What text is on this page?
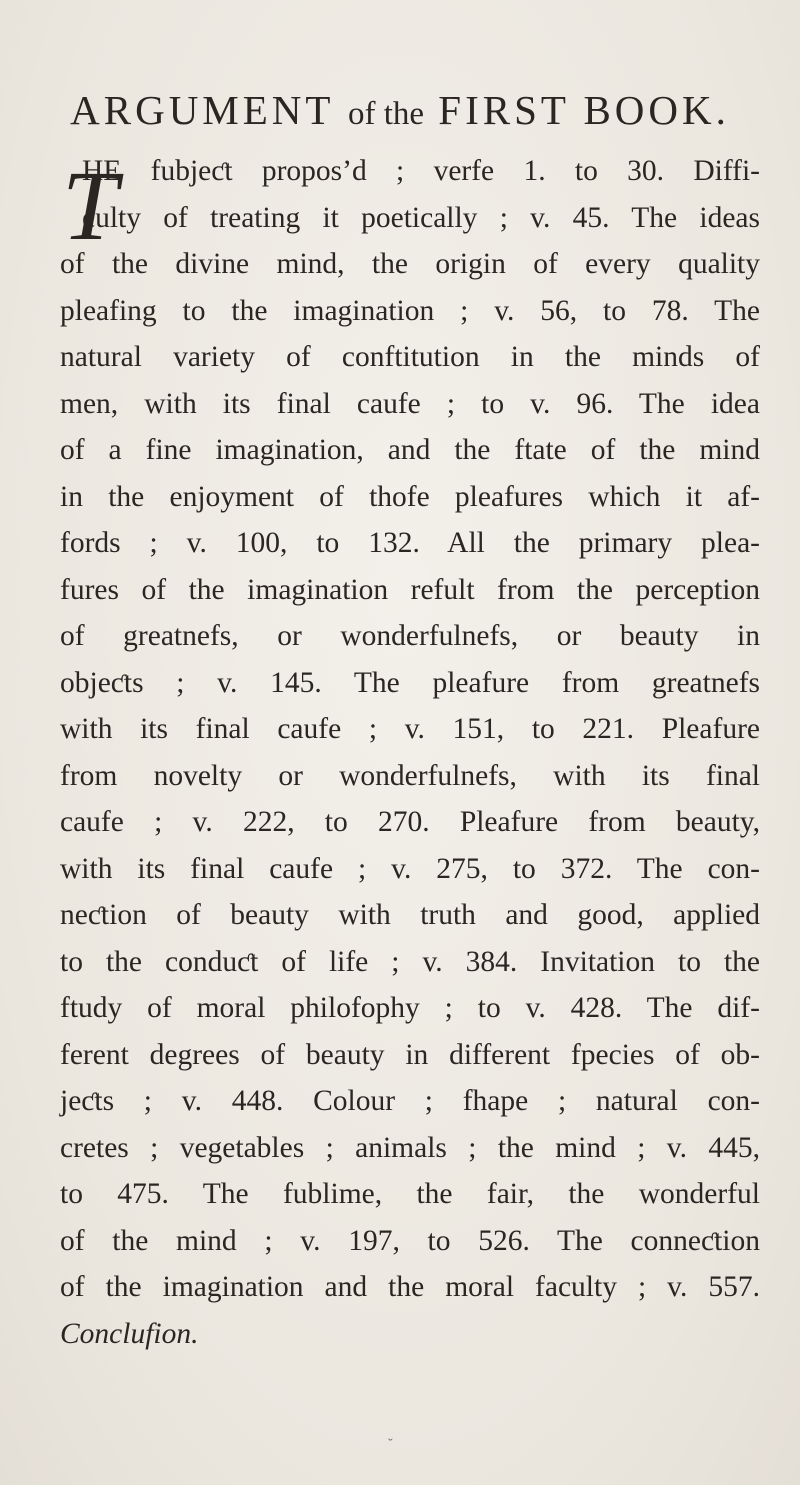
ARGUMENT of the FIRST BOOK.
T
HE fubjeƈt propos’d ; verfe 1. to 30. Diffi-
culty of treating it poetically ; v. 45. The ideas
of the divine mind, the origin of every quality
pleafing to the imagination ; v. 56, to 78. The
natural variety of conftitution in the minds of
men, with its final caufe ; to v. 96. The idea
of a fine imagination, and the ftate of the mind
in the enjoyment of thofe pleafures which it af-
fords ; v. 100, to 132. All the primary plea-
fures of the imagination refult from the perception
of greatnefs, or wonderfulnefs, or beauty in
objeƈts ; v. 145. The pleafure from greatnefs
with its final caufe ; v. 151, to 221. Pleafure
from novelty or wonderfulnefs, with its final
caufe ; v. 222, to 270. Pleafure from beauty,
with its final caufe ; v. 275, to 372. The con-
neƈtion of beauty with truth and good, applied
to the conduƈt of life ; v. 384. Invitation to the
ftudy of moral philofophy ; to v. 428. The dif-
ferent degrees of beauty in different fpecies of ob-
jeƈts ; v. 448. Colour ; fhape ; natural con-
cretes ; vegetables ; animals ; the mind ; v. 445,
to 475. The fublime, the fair, the wonderful
of the mind ; v. 197, to 526. The conneƈtion
of the imagination and the moral faculty ; v. 557.
Conclufion.
ˇ
